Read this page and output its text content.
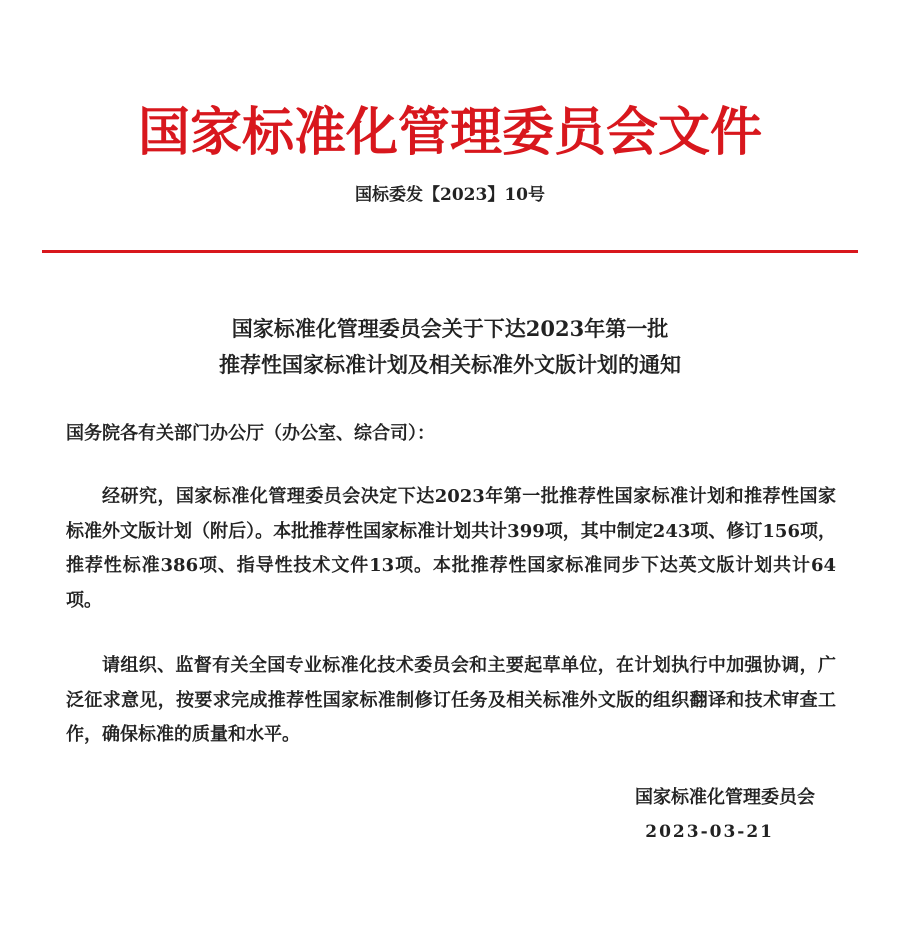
国家标准化管理委员会文件
国标委发【2023】10号
国家标准化管理委员会关于下达2023年第一批
推荐性国家标准计划及相关标准外文版计划的通知
国务院各有关部门办公厅（办公室、综合司）：

经研究，国家标准化管理委员会决定下达2023年第一批推荐性国家标准计划和推荐性国家标准外文版计划（附后）。本批推荐性国家标准计划共计399项，其中制定243项、修订156项，推荐性标准386项、指导性技术文件13项。本批推荐性国家标准同步下达英文版计划共计64项。

请组织、监督有关全国专业标准化技术委员会和主要起草单位，在计划执行中加强协调，广泛征求意见，按要求完成推荐性国家标准制修订任务及相关标准外文版的组织翻译和技术审查工作，确保标准的质量和水平。

国家标准化管理委员会
2023-03-21
